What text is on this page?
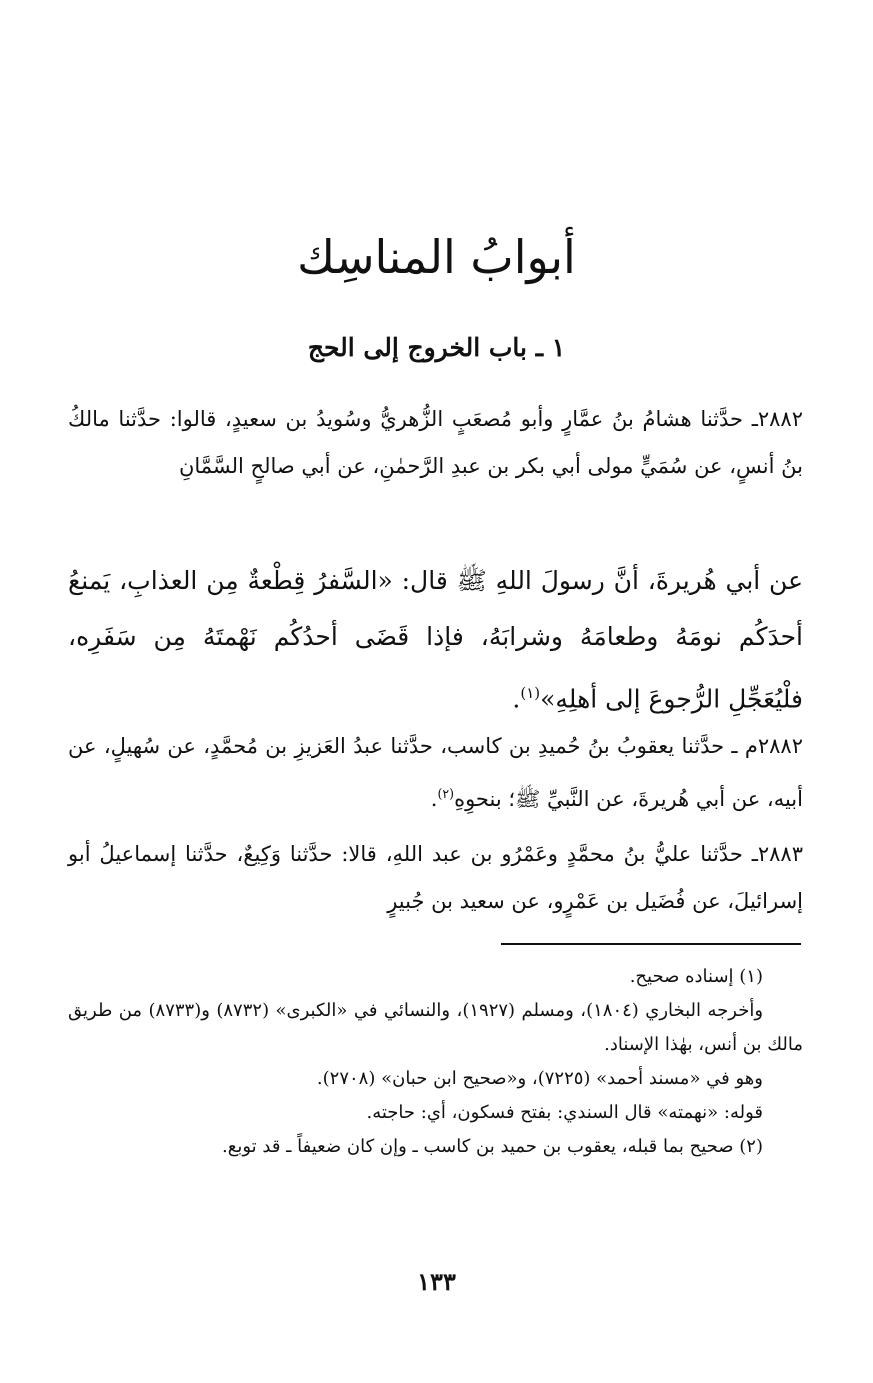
أبوابُ المناسِك
١ ـ باب الخروج إلى الحج

٢٨٨٢ـ حدَّثنا هشامُ بنُ عمَّارٍ وأبو مُصعَبٍ الزُّهريُّ وسُويدُ بن سعيدٍ، قالوا: حدَّثنا مالكُ بنُ أنسٍ، عن سُمَيٍّ مولى أبي بكر بن عبدِ الرَّحمٰنِ، عن أبي صالحٍ السَّمَّانِ

عن أبي هُريرةَ، أنَّ رسولَ اللهِ ﷺ قال: «السَّفرُ قِطْعةٌ مِن العذابِ، يَمنعُ أحدَكُم نومَهُ وطعامَهُ وشرابَهُ، فإذا قَضَى أحدُكُم نَهْمتَهُ مِن سَفَرِه، فلْيُعَجِّلِ الرُّجوعَ إلى أهلِهِ»$^{(١)}$.

٢٨٨٢م ـ حدَّثنا يعقوبُ بنُ حُميدِ بن كاسب، حدَّثنا عبدُ العَزيزِ بن مُحمَّدٍ، عن سُهيلٍ، عن أبيه، عن أبي هُريرةَ، عن النَّبيِّ ﷺ؛ بنحوِهِ$^{(٢)}$.

٢٨٨٣ـ حدَّثنا عليُّ بنُ محمَّدٍ وعَمْرُو بن عبد اللهِ، قالا: حدَّثنا وَكِيعٌ، حدَّثنا إسماعيلُ أبو إسرائيلَ، عن فُضَيل بن عَمْرٍو، عن سعيد بن جُبيرٍ

(١) إسناده صحيح.
وأخرجه البخاري (١٨٠٤)، ومسلم (١٩٢٧)، والنسائي في «الكبرى» (٨٧٣٢) و(٨٧٣٣) من طريق مالك بن أنس، بهٰذا الإسناد.
وهو في «مسند أحمد» (٧٢٢٥)، و«صحيح ابن حبان» (٢٧٠٨).
قوله: «نهمته» قال السندي: بفتح فسكون، أي: حاجته.
(٢) صحيح بما قبله، يعقوب بن حميد بن كاسب ـ وإن كان ضعيفاً ـ قد توبع.
١٣٣
